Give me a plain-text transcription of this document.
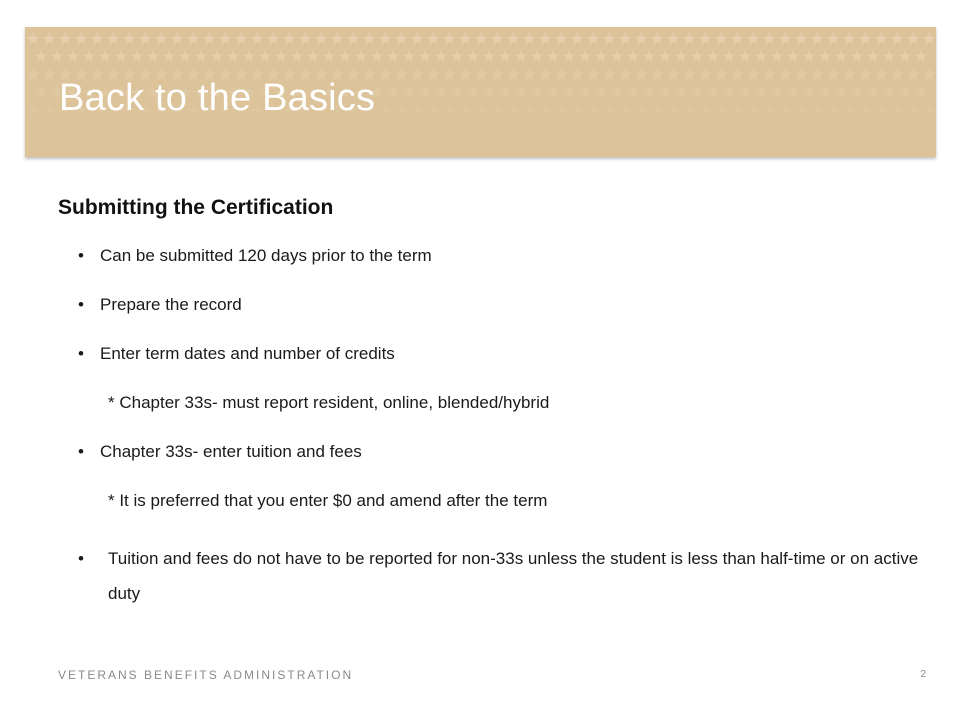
Back to the Basics
Submitting the Certification
• Can be submitted 120 days prior to the term
• Prepare the record
• Enter term dates and number of credits
* Chapter 33s- must report resident, online, blended/hybrid
• Chapter 33s- enter tuition and fees
* It is preferred that you enter $0 and amend after the term
• Tuition and fees do not have to be reported for non-33s unless the student is less than half-time or on active duty
VETERANS BENEFITS ADMINISTRATION	2
